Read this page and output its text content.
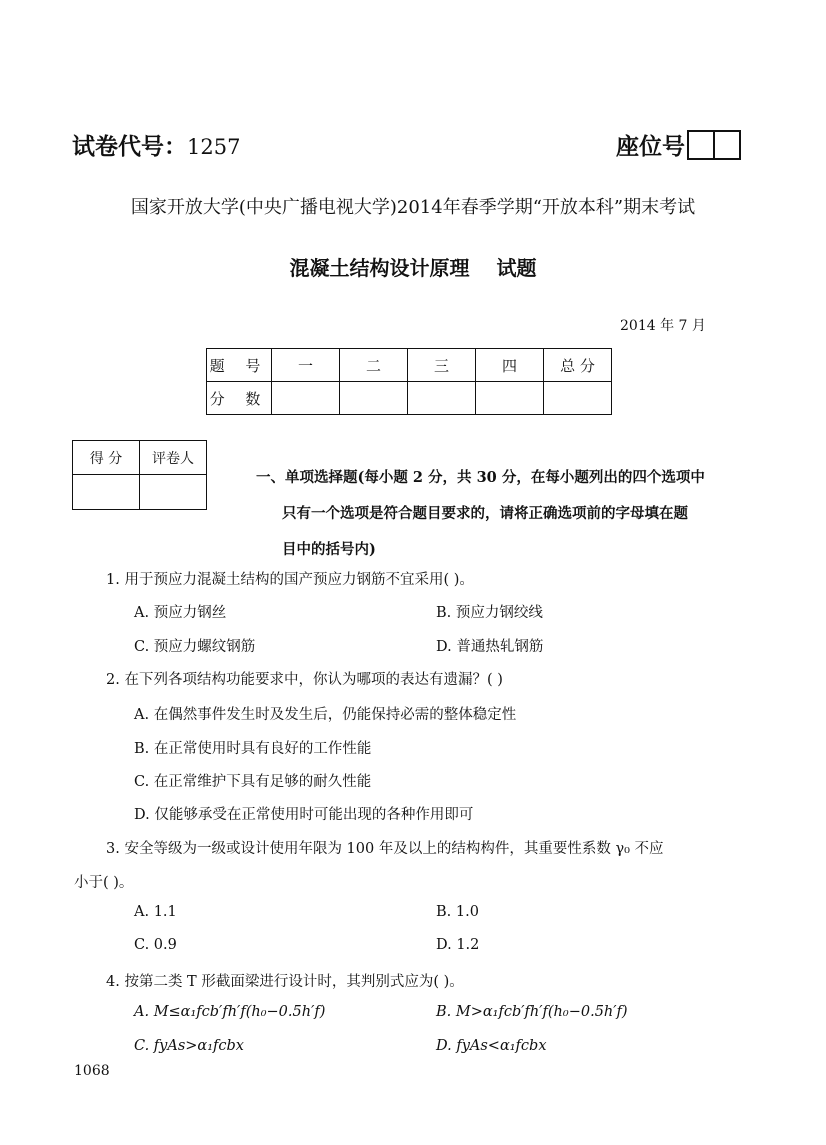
试卷代号：1257	座位号
国家开放大学(中央广播电视大学)2014年春季学期“开放本科”期末考试
混凝土结构设计原理 试题
2014 年 7 月
题 号	一	二	三	四	总 分
分 数					
得 分	评卷人

一、单项选择题(每小题 2 分，共 30 分，在每小题列出的四个选项中
只有一个选项是符合题目要求的，请将正确选项前的字母填在题
目中的括号内)
1. 用于预应力混凝土结构的国产预应力钢筋不宜采用( )。
A. 预应力钢丝	B. 预应力钢绞线
C. 预应力螺纹钢筋	D. 普通热轧钢筋
2. 在下列各项结构功能要求中，你认为哪项的表达有遗漏？( )
A. 在偶然事件发生时及发生后，仍能保持必需的整体稳定性
B. 在正常使用时具有良好的工作性能
C. 在正常维护下具有足够的耐久性能
D. 仅能够承受在正常使用时可能出现的各种作用即可
3. 安全等级为一级或设计使用年限为 100 年及以上的结构构件，其重要性系数 γ₀ 不应
小于( )。
A. 1.1	B. 1.0
C. 0.9	D. 1.2
4. 按第二类 T 形截面梁进行设计时，其判别式应为( )。
A. M≤α₁fcb′fh′f(h₀−0.5h′f)	B. M>α₁fcb′fh′f(h₀−0.5h′f)
C. fyAs>α₁fcbx	D. fyAs<α₁fcbx
1068
